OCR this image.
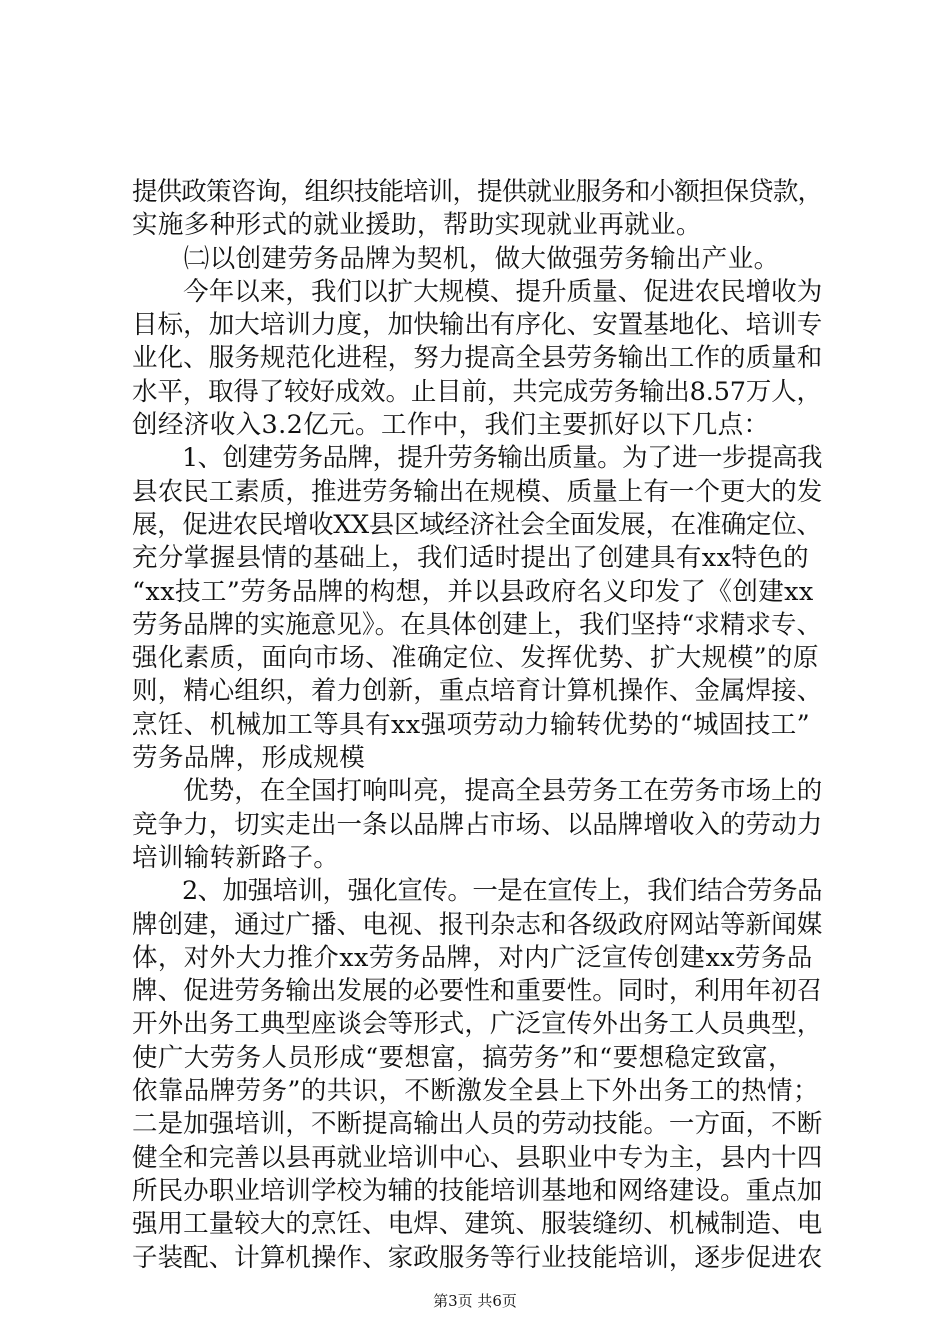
提供政策咨询，组织技能培训，提供就业服务和小额担保贷款，
实施多种形式的就业援助，帮助实现就业再就业。
　　㈡以创建劳务品牌为契机，做大做强劳务输出产业。
　　今年以来，我们以扩大规模、提升质量、促进农民增收为
目标，加大培训力度，加快输出有序化、安置基地化、培训专
业化、服务规范化进程，努力提高全县劳务输出工作的质量和
水平，取得了较好成效。止目前，共完成劳务输出8.57万人，
创经济收入3.2亿元。工作中，我们主要抓好以下几点：
　　1、创建劳务品牌，提升劳务输出质量。为了进一步提高我
县农民工素质，推进劳务输出在规模、质量上有一个更大的发
展，促进农民增收XX县区域经济社会全面发展，在准确定位、
充分掌握县情的基础上，我们适时提出了创建具有xx特色的
“xx技工”劳务品牌的构想，并以县政府名义印发了《创建xx
劳务品牌的实施意见》。在具体创建上，我们坚持“求精求专、
强化素质，面向市场、准确定位、发挥优势、扩大规模”的原
则，精心组织，着力创新，重点培育计算机操作、金属焊接、
烹饪、机械加工等具有xx强项劳动力输转优势的“城固技工”
劳务品牌，形成规模
　　优势，在全国打响叫亮，提高全县劳务工在劳务市场上的
竞争力，切实走出一条以品牌占市场、以品牌增收入的劳动力
培训输转新路子。
　　2、加强培训，强化宣传。一是在宣传上，我们结合劳务品
牌创建，通过广播、电视、报刊杂志和各级政府网站等新闻媒
体，对外大力推介xx劳务品牌，对内广泛宣传创建xx劳务品
牌、促进劳务输出发展的必要性和重要性。同时，利用年初召
开外出务工典型座谈会等形式，广泛宣传外出务工人员典型，
使广大劳务人员形成“要想富，搞劳务”和“要想稳定致富，
依靠品牌劳务”的共识，不断激发全县上下外出务工的热情；
二是加强培训，不断提高输出人员的劳动技能。一方面，不断
健全和完善以县再就业培训中心、县职业中专为主，县内十四
所民办职业培训学校为辅的技能培训基地和网络建设。重点加
强用工量较大的烹饪、电焊、建筑、服装缝纫、机械制造、电
子装配、计算机操作、家政服务等行业技能培训，逐步促进农
第3页 共6页
